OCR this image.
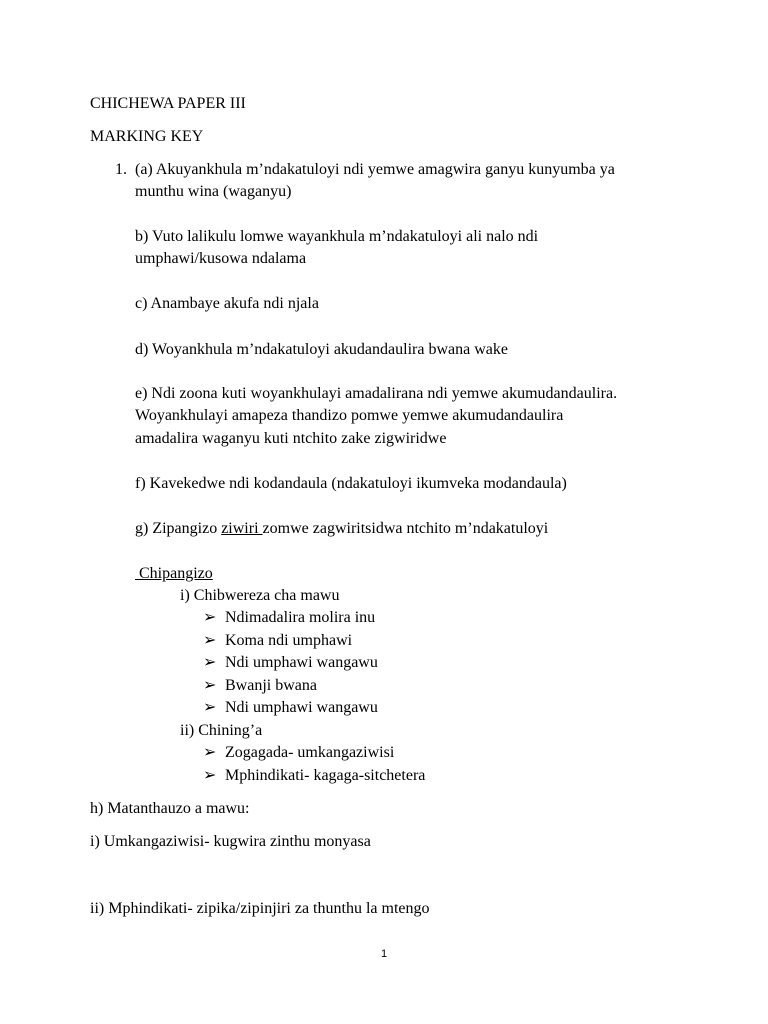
CHICHEWA PAPER III
MARKING KEY
1. (a) Akuyankhula m’ndakatuloyi ndi yemwe amagwira ganyu kunyumba ya
munthu wina (waganyu)
b) Vuto lalikulu lomwe wayankhula m’ndakatuloyi ali nalo ndi
umphawi/kusowa ndalama
c) Anambaye akufa ndi njala
d) Woyankhula m’ndakatuloyi akudandaulira bwana wake
e) Ndi zoona kuti woyankhulayi amadalirana ndi yemwe akumudandaulira.
Woyankhulayi amapeza thandizo pomwe yemwe akumudandaulira
amadalira waganyu kuti ntchito zake zigwiridwe
f) Kavekedwe ndi kodandaula (ndakatuloyi ikumveka modandaula)
g) Zipangizo ziwiri zomwe zagwiritsidwa ntchito m’ndakatuloyi
Chipangizo
i) Chibwereza cha mawu
➢ Ndimadalira molira inu
➢ Koma ndi umphawi
➢ Ndi umphawi wangawu
➢ Bwanji bwana
➢ Ndi umphawi wangawu
ii) Chining’a
➢ Zogagada- umkangaziwisi
➢ Mphindikati- kagaga-sitchetera
h) Matanthauzo a mawu:
i) Umkangaziwisi- kugwira zinthu monyasa
ii) Mphindikati- zipika/zipinjiri za thunthu la mtengo
1
